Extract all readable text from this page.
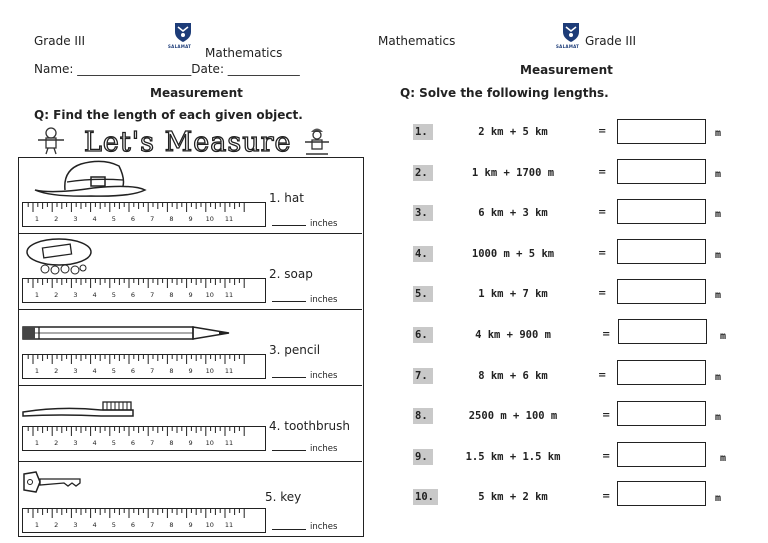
Grade III	SALAMAT Mathematics
Name: ___________________Date: ____________
Measurement
Q: Find the length of each given object.
Let's Measure
1 2 3 4 5 6 7 8 9 10 11
1. hat
inches
1 2 3 4 5 6 7 8 9 10 11
2. soap
inches
1 2 3 4 5 6 7 8 9 10 11
3. pencil
inches
1 2 3 4 5 6 7 8 9 10 11
4. toothbrush
inches
1 2 3 4 5 6 7 8 9 10 11
5. key
inches
Mathematics	SALAMAT Grade III
Measurement
Q: Solve the following lengths.
1.	2 km + 5 km	=	m
2.	1 km + 1700 m	=	m
3.	6 km + 3 km	=	m
4.	1000 m + 5 km	=	m
5.	1 km + 7 km	=	m
6.	4 km + 900 m	=	m
7.	8 km + 6 km	=	m
8.	2500 m + 100 m	=	m
9.	1.5 km + 1.5 km	=	m
10.	5 km + 2 km	=	m
